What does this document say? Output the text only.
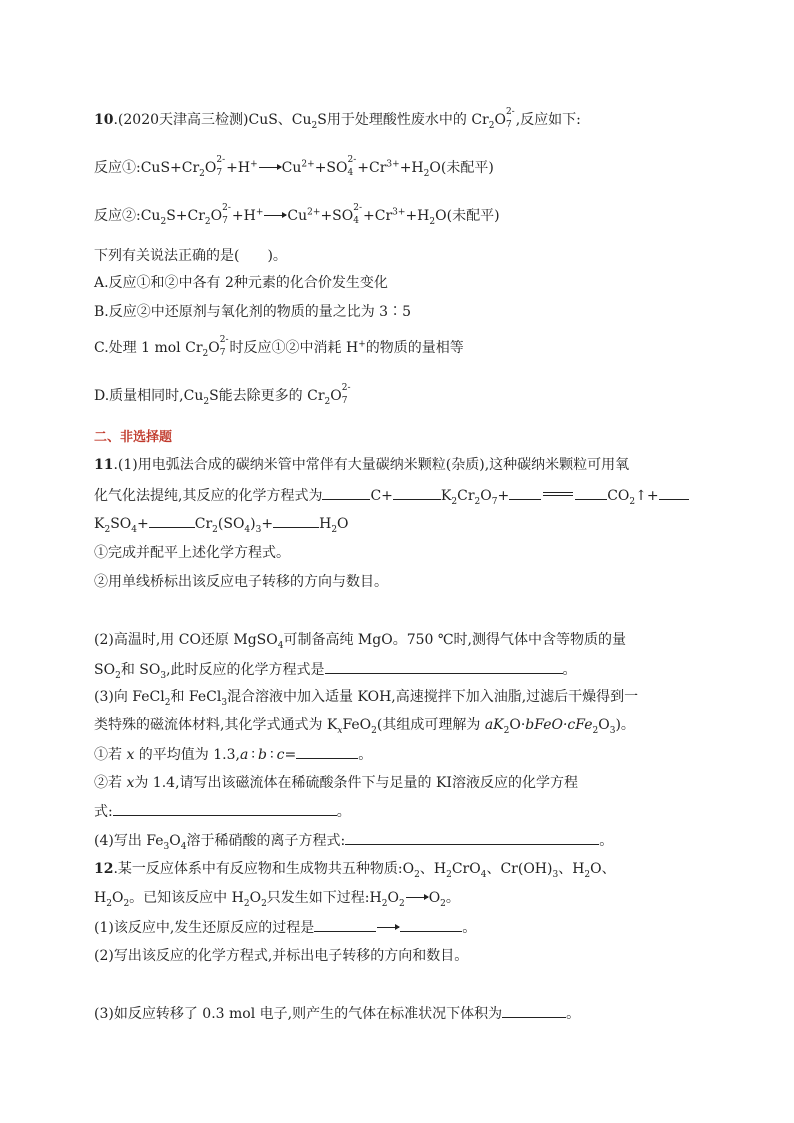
10.(2020天津高三检测)CuS、$Cu_2S$用于处理酸性废水中的 $Cr_2O$ 2-
7 ,反应如下:
反应$①:CuS+Cr_2O$ 2-
7 +H+ $Cu^{2+}+SO$ 2-
$4 +Cr^{3+}+H_2O$(未配平)
反应$②:Cu_2S+Cr_2O$ 2-
7 +H+ $Cu^{2+}+SO$ 2-
$4 +Cr^{3+}+H_2O$(未配平)
下列有关说法正确的是(　　)。
A.反应①和②中各有 2种元素的化合价发生变化
B.反应②中还原剂与氧化剂的物质的量之比为 3∶5
C.处理 1 mol $Cr_2O$ 2-
7 时反应①②中消耗 H+的物质的量相等
D.质量相同时$,Cu_2S$能去除更多的 $Cr_2O$ 2-
7
二、非选择题
11.(1)用电弧法合成的碳纳米管中常伴有大量碳纳米颗粒(杂质),这种碳纳米颗粒可用氧
化气化法提纯,其反应的化学方程式为	C+	$K_2Cr_2O_7+$	$CO_2↑+$
$K_2SO_4+$	$Cr_2(SO_4)_3+$	$H_2O$
①完成并配平上述化学方程式。
②用单线桥标出该反应电子转移的方向与数目。
(2)高温时,用 CO还原 MgSO$_4$可制备高纯 MgO。750 ℃时,测得气体中含等物质的量
$SO_2$和 $SO_3$,此时反应的化学方程式是	。
(3)向 FeCl$_2$和 FeCl$_3$混合溶液中加入适量 KOH,高速搅拌下加入油脂,过滤后干燥得到一
类特殊的磁流体材料,其化学式通式为 $K_xFeO_2$(其组成可理解为 $aK_2O\cdot bFeO\cdot cFe_2O_3$)。
①若 x 的平均值为 1.3,a ∶ b ∶ c=	。
②若 x为 1.4,请写出该磁流体在稀硫酸条件下与足量的 KI溶液反应的化学方程
式:	。
(4)写出 $Fe_3O_4$溶于稀硝酸的离子方程式:	。
12.某一反应体系中有反应物和生成物共五种物质$:O_2$、$H_2CrO_4$、$Cr(OH)_3$、$H_2O$、
$H_2O_2$。已知该反应中 $H_2O_2$只发生如下过程$:H_2O_2$ $O_2$。
(1)该反应中,发生还原反应的过程是	。
(2)写出该反应的化学方程式,并标出电子转移的方向和数目。
(3)如反应转移了 0.3 mol 电子,则产生的气体在标准状况下体积为	。
